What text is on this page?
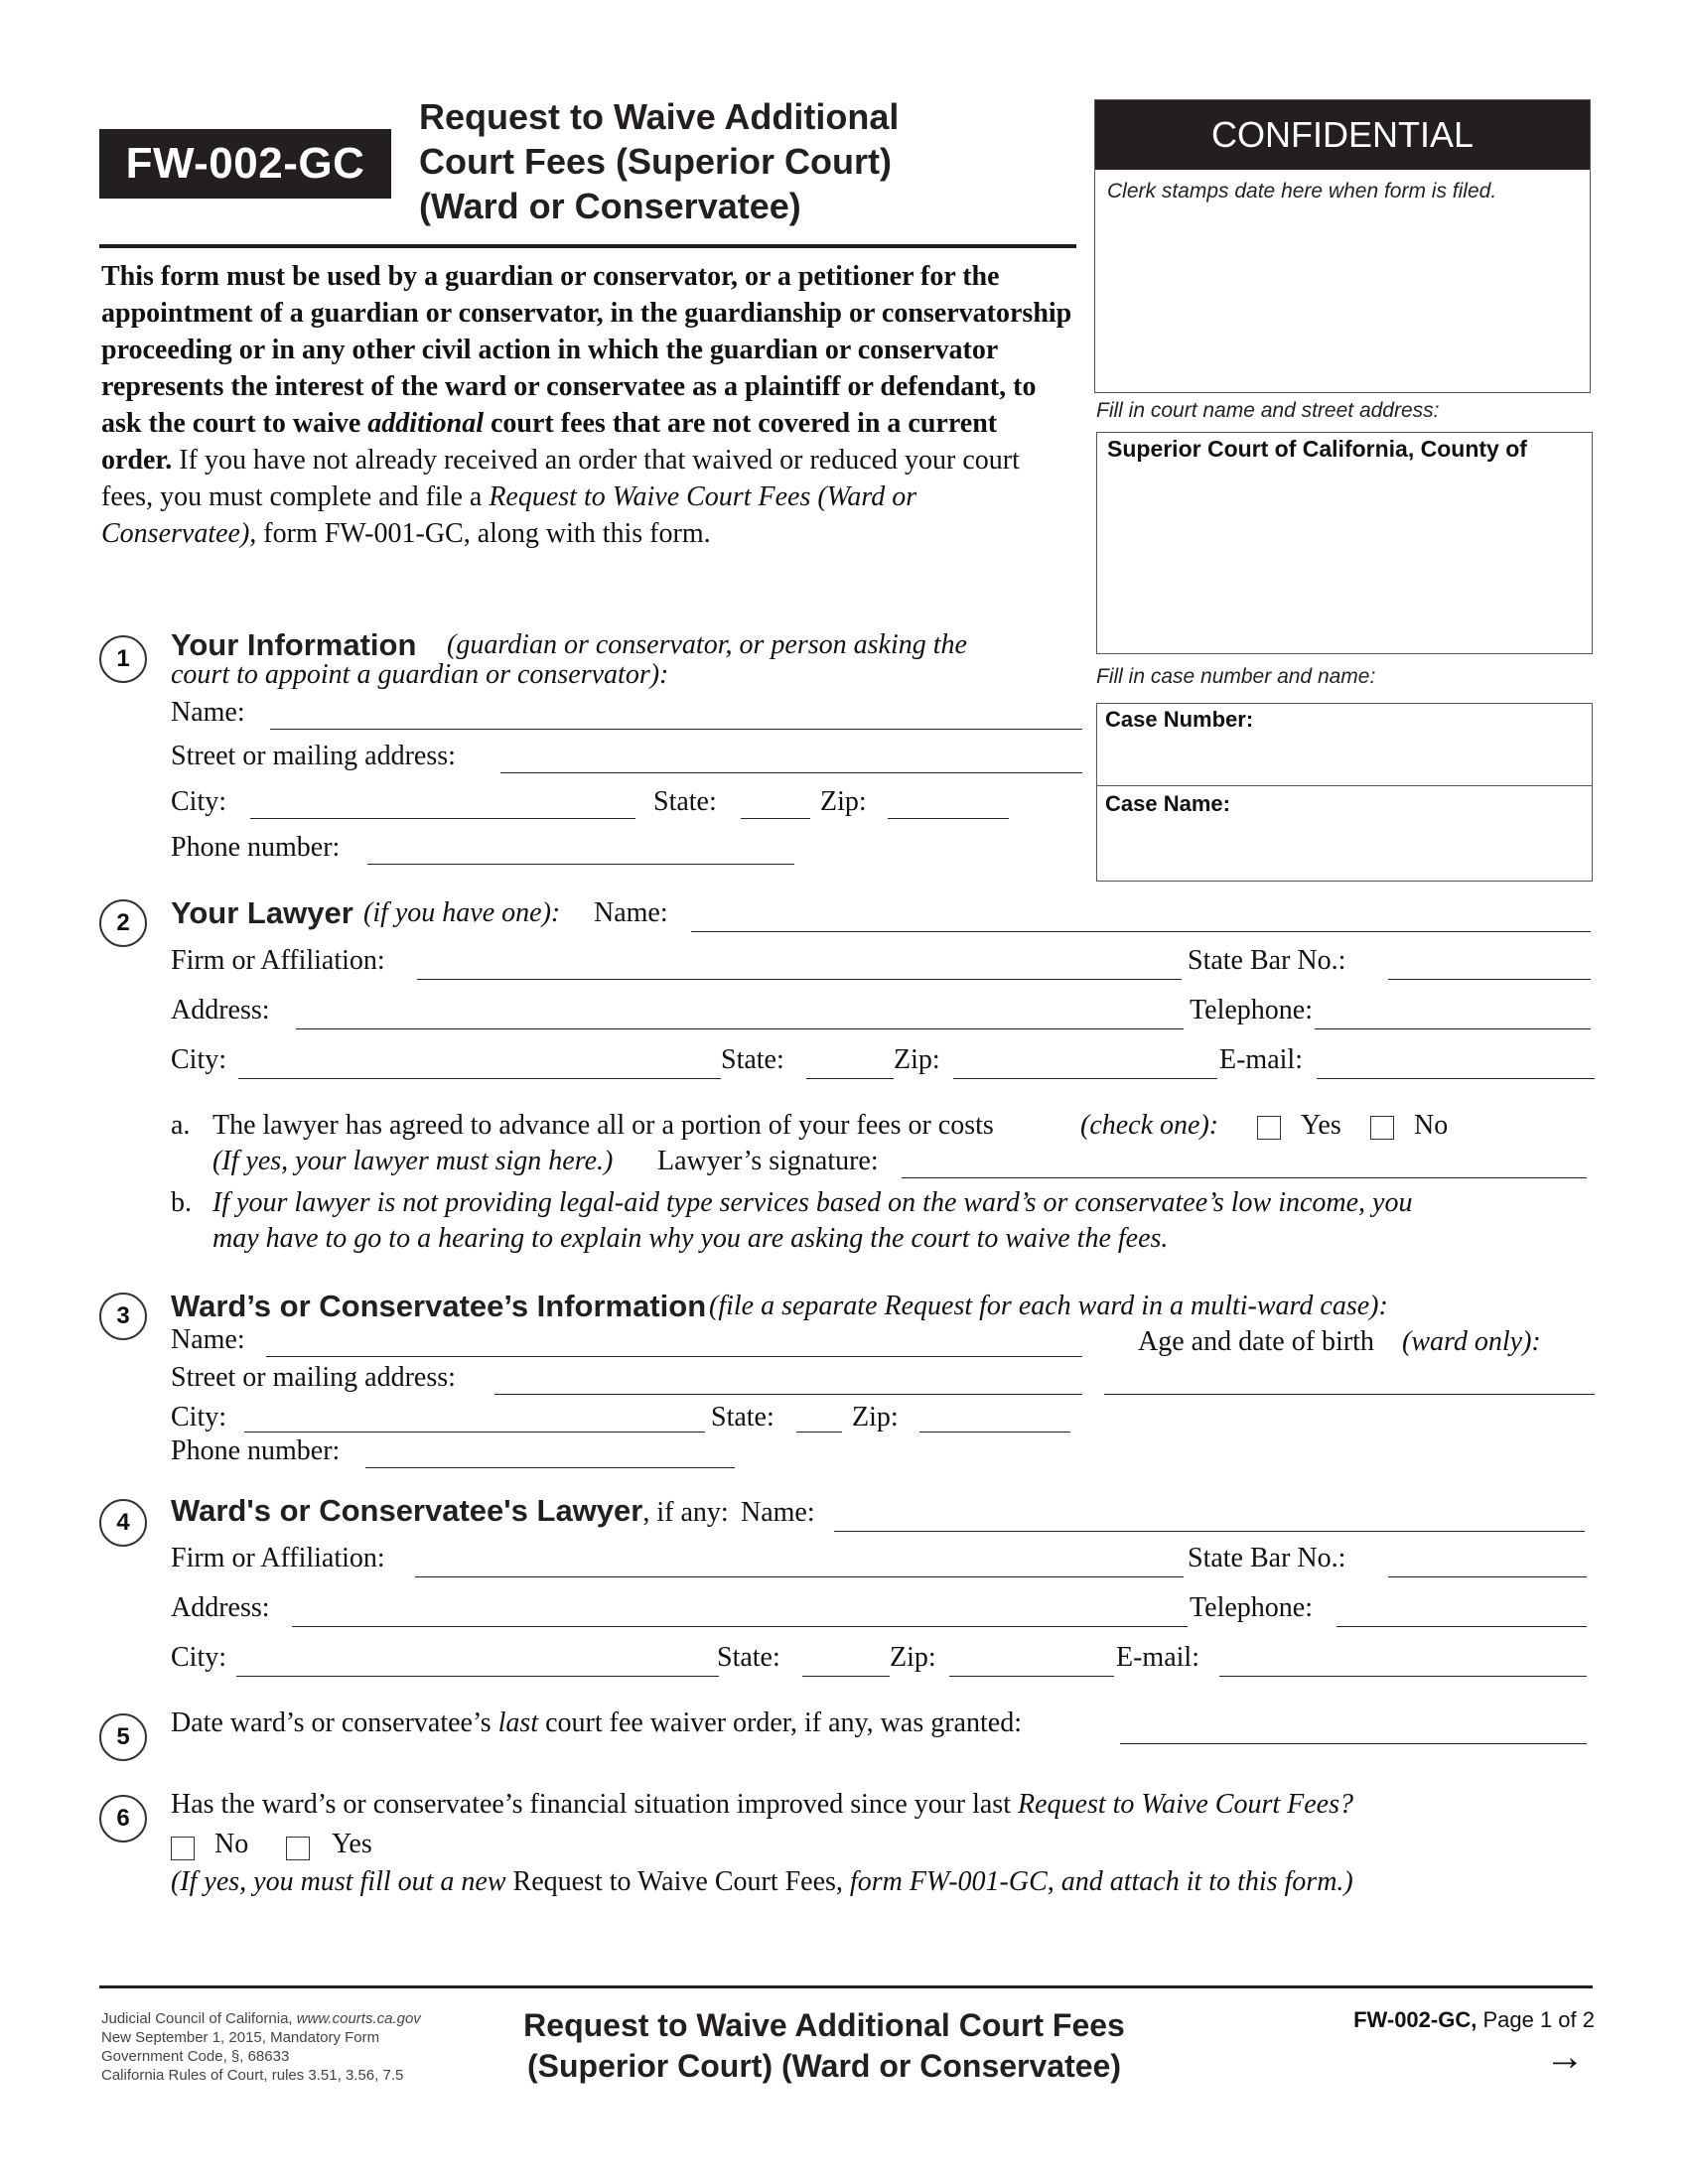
FW-002-GC
Request to Waive Additional
Court Fees (Superior Court)
(Ward or Conservatee)
This form must be used by a guardian or conservator, or a petitioner for the appointment of a guardian or conservator, in the guardianship or conservatorship proceeding or in any other civil action in which the guardian or conservator represents the interest of the ward or conservatee as a plaintiff or defendant, to ask the court to waive additional court fees that are not covered in a current order. If you have not already received an order that waived or reduced your court fees, you must complete and file a Request to Waive Court Fees (Ward or Conservatee), form FW-001-GC, along with this form.
CONFIDENTIAL
Clerk stamps date here when form is filed.
Fill in court name and street address:
Superior Court of California, County of
Fill in case number and name:
Case Number:
Case Name:
1	Your Information (guardian or conservator, or person asking the
court to appoint a guardian or conservator):
Name:
Street or mailing address:
City:	State:	Zip:
Phone number:
2	Your Lawyer (if you have one): Name:
Firm or Affiliation:	State Bar No.:
Address:	Telephone:
City:	State:	Zip:	E-mail:
a. The lawyer has agreed to advance all or a portion of your fees or costs	(check one):	Yes	No
(If yes, your lawyer must sign here.) Lawyer’s signature:
b. If your lawyer is not providing legal-aid type services based on the ward’s or conservatee’s low income, you
may have to go to a hearing to explain why you are asking the court to waive the fees.
3	Ward’s or Conservatee’s Information (file a separate Request for each ward in a multi-ward case):
Name:	Age and date of birth (ward only):
Street or mailing address:
City:	State:	Zip:
Phone number:
4	Ward's or Conservatee's Lawyer, if any: Name:
Firm or Affiliation:	State Bar No.:
Address:	Telephone:
City:	State:	Zip:	E-mail:
5	Date ward’s or conservatee’s last court fee waiver order, if any, was granted:
6	Has the ward’s or conservatee’s financial situation improved since your last Request to Waive Court Fees?
No	Yes
(If yes, you must fill out a new Request to Waive Court Fees, form FW-001-GC, and attach it to this form.)
Judicial Council of California, www.courts.ca.gov
New September 1, 2015, Mandatory Form
Government Code, §, 68633
California Rules of Court, rules 3.51, 3.56, 7.5
Request to Waive Additional Court Fees
(Superior Court) (Ward or Conservatee)
FW-002-GC, Page 1 of 2
→
